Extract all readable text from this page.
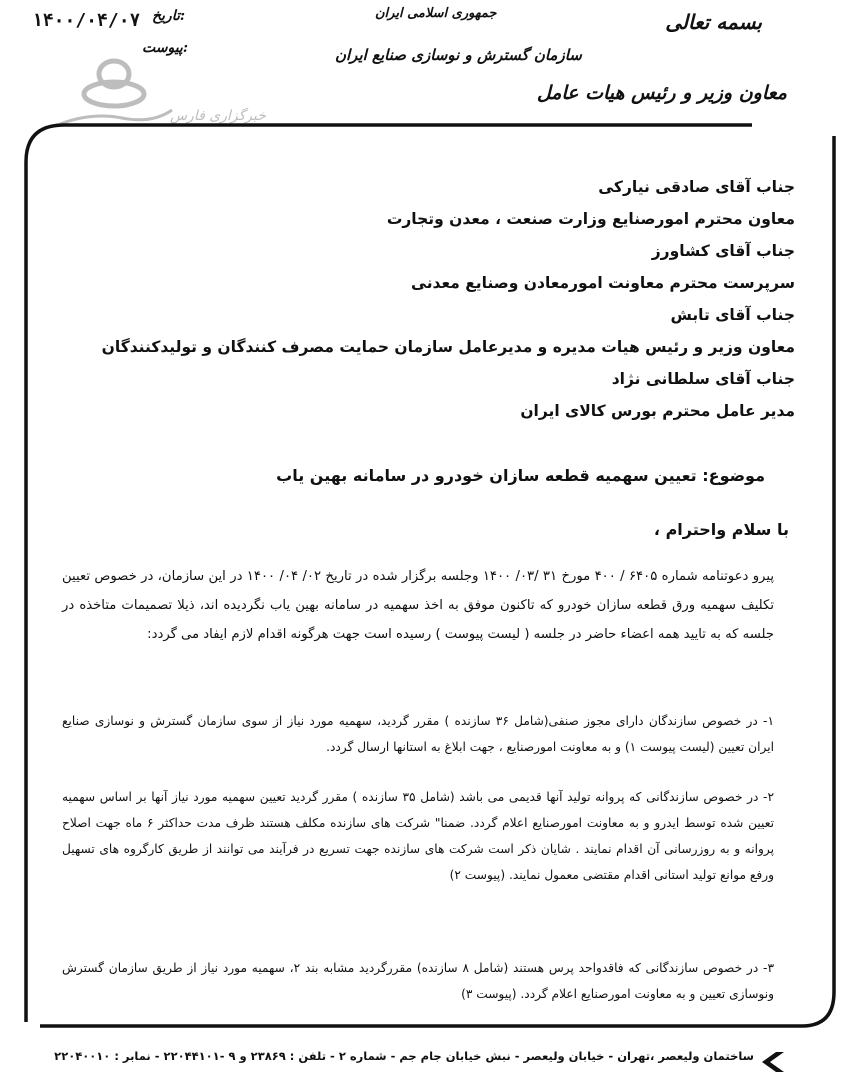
بسمه تعالی
جمهوری اسلامی ایران
سازمان گسترش و نوسازی صنایع ایران
معاون وزیر و رئیس هیات عامل
تاریخ:
۱۴۰۰/۰۴/۰۷
پیوست:
خبرگزاری فارس
جناب آقای صادقی نیارکی
معاون محترم امورصنایع وزارت صنعت ، معدن وتجارت
جناب آقای کشاورز
سرپرست محترم معاونت امورمعادن وصنایع معدنی
جناب آقای تابش
معاون وزیر و رئیس هیات مدیره و مدیرعامل سازمان حمایت مصرف کنندگان و تولیدکنندگان
جناب آقای سلطانی نژاد
مدیر عامل محترم بورس کالای ایران
موضوع: تعیین سهمیه قطعه سازان خودرو در سامانه بهین یاب
با سلام واحترام ،
پیرو دعوتنامه شماره ۶۴۰۵ / ۴۰۰ مورخ ۳۱ /۰۳/ ۱۴۰۰ وجلسه برگزار شده در تاریخ ۰۲/ ۰۴/ ۱۴۰۰ در این سازمان، در خصوص تعیین تکلیف سهمیه ورق قطعه سازان خودرو که تاکنون موفق به اخذ سهمیه در سامانه بهین یاب نگردیده اند، ذیلا تصمیمات متاخذه در جلسه که به تایید همه اعضاء حاضر در جلسه ( لیست پیوست ) رسیده است جهت هرگونه اقدام لازم ایفاد می گردد:
۱- در خصوص سازندگان دارای مجوز صنفی(شامل ۳۶ سازنده ) مقرر گردید، سهمیه مورد نیاز از سوی سازمان گسترش و نوسازی صنایع ایران تعیین (لیست پیوست ۱) و به معاونت امورصنایع ، جهت ابلاغ به استانها ارسال گردد.
۲- در خصوص سازندگانی که پروانه تولید آنها قدیمی می باشد (شامل ۳۵ سازنده ) مقرر گردید تعیین سهمیه مورد نیاز آنها بر اساس سهمیه تعیین شده توسط ایدرو و به معاونت امورصنایع اعلام گردد. ضمنا" شرکت های سازنده مکلف هستند ظرف مدت حداکثر ۶ ماه جهت اصلاح پروانه و به روزرسانی آن اقدام نمایند . شایان ذکر است شرکت های سازنده جهت تسریع در فرآیند می توانند از طریق کارگروه های تسهیل ورفع موانع تولید استانی اقدام مقتضی معمول نمایند. (پیوست ۲)
۳- در خصوص سازندگانی که فاقدواحد پرس هستند (شامل ۸ سازنده) مقررگردید مشابه بند ۲، سهمیه مورد نیاز از طریق سازمان گسترش ونوسازی تعیین و به معاونت امورصنایع اعلام گردد. (پیوست ۳)
ساختمان ولیعصر ،تهران - خیابان ولیعصر - نبش خیابان جام جم - شماره ۲ - تلفن : ۲۳۸۶۹ و ۹ -۲۲۰۴۴۱۰۱ - نمابر : ۲۲۰۴۰۰۱۰
